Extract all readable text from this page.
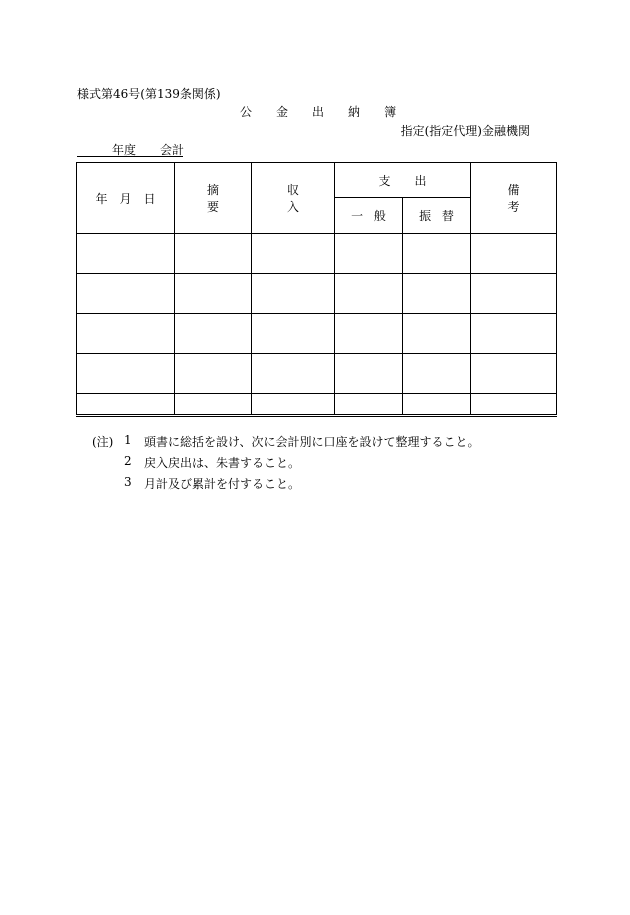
様式第46号(第139条関係)
公 金 出 納 簿
指定(指定代理)金融機関

年度 会計
年　月　日	摘要	収入	支　　出		備考
			一般	振替	

(注) 1 頭書に総括を設け、次に会計別に口座を設けて整理すること。
2 戻入戻出は、朱書すること。
3 月計及び累計を付すること。
